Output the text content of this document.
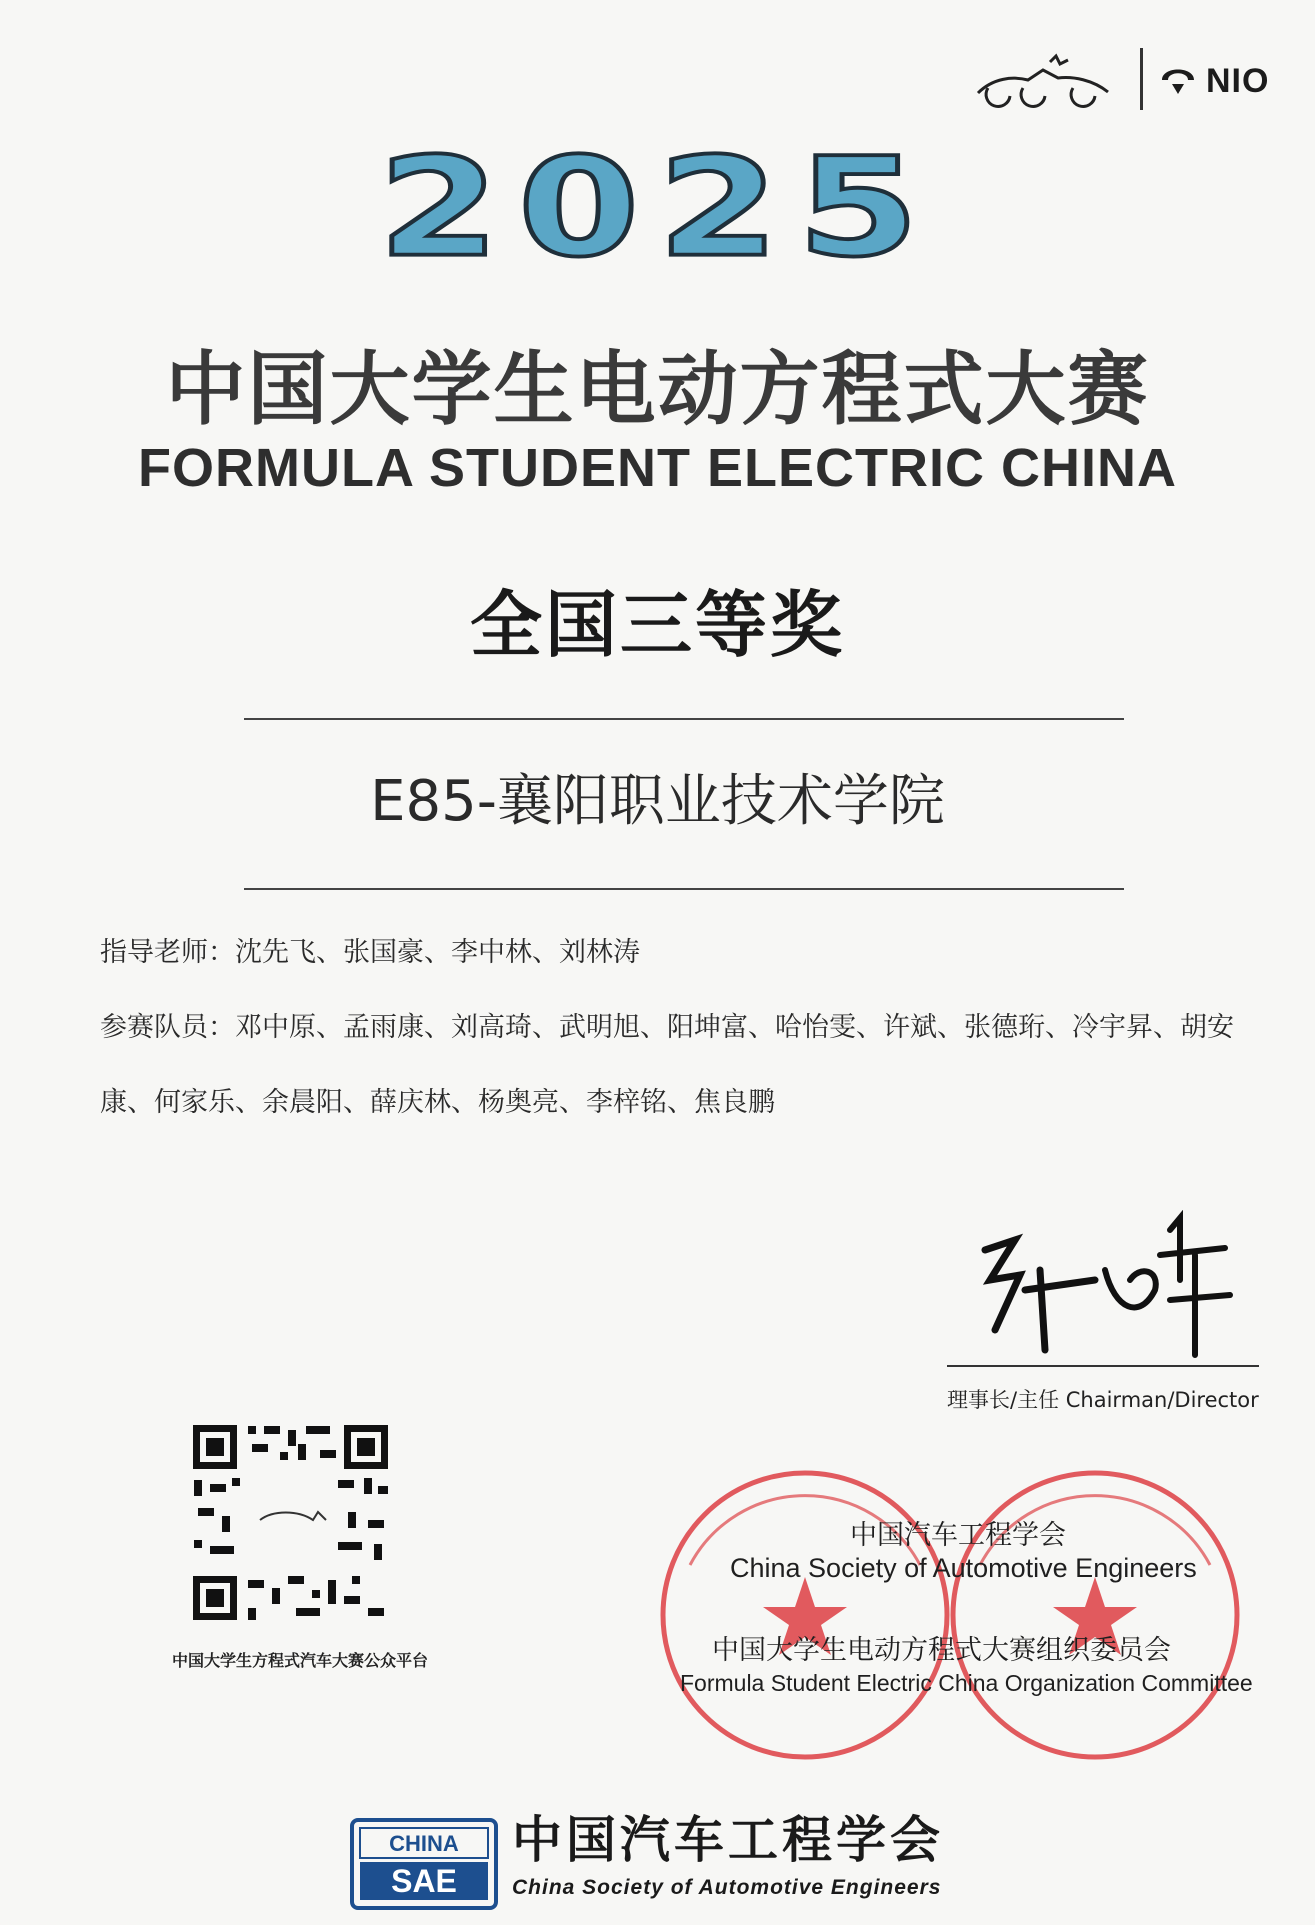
NIO
2025
中国大学生电动方程式大赛
FORMULA STUDENT ELECTRIC CHINA
全国三等奖
E85-襄阳职业技术学院
指导老师：沈先飞、张国豪、李中林、刘林涛
参赛队员：邓中原、孟雨康、刘高琦、武明旭、阳坤富、哈怡雯、许斌、张德珩、冷宇昇、胡安
康、何家乐、余晨阳、薛庆林、杨奥亮、李梓铭、焦良鹏
理事长/主任 Chairman/Director
中国大学生方程式汽车大赛公众平台
中国汽车工程学会
China Society of Automotive Engineers
中国大学生电动方程式大赛组织委员会
Formula Student Electric China Organization Committee
CHINA
SAE
中国汽车工程学会
China Society of Automotive Engineers
